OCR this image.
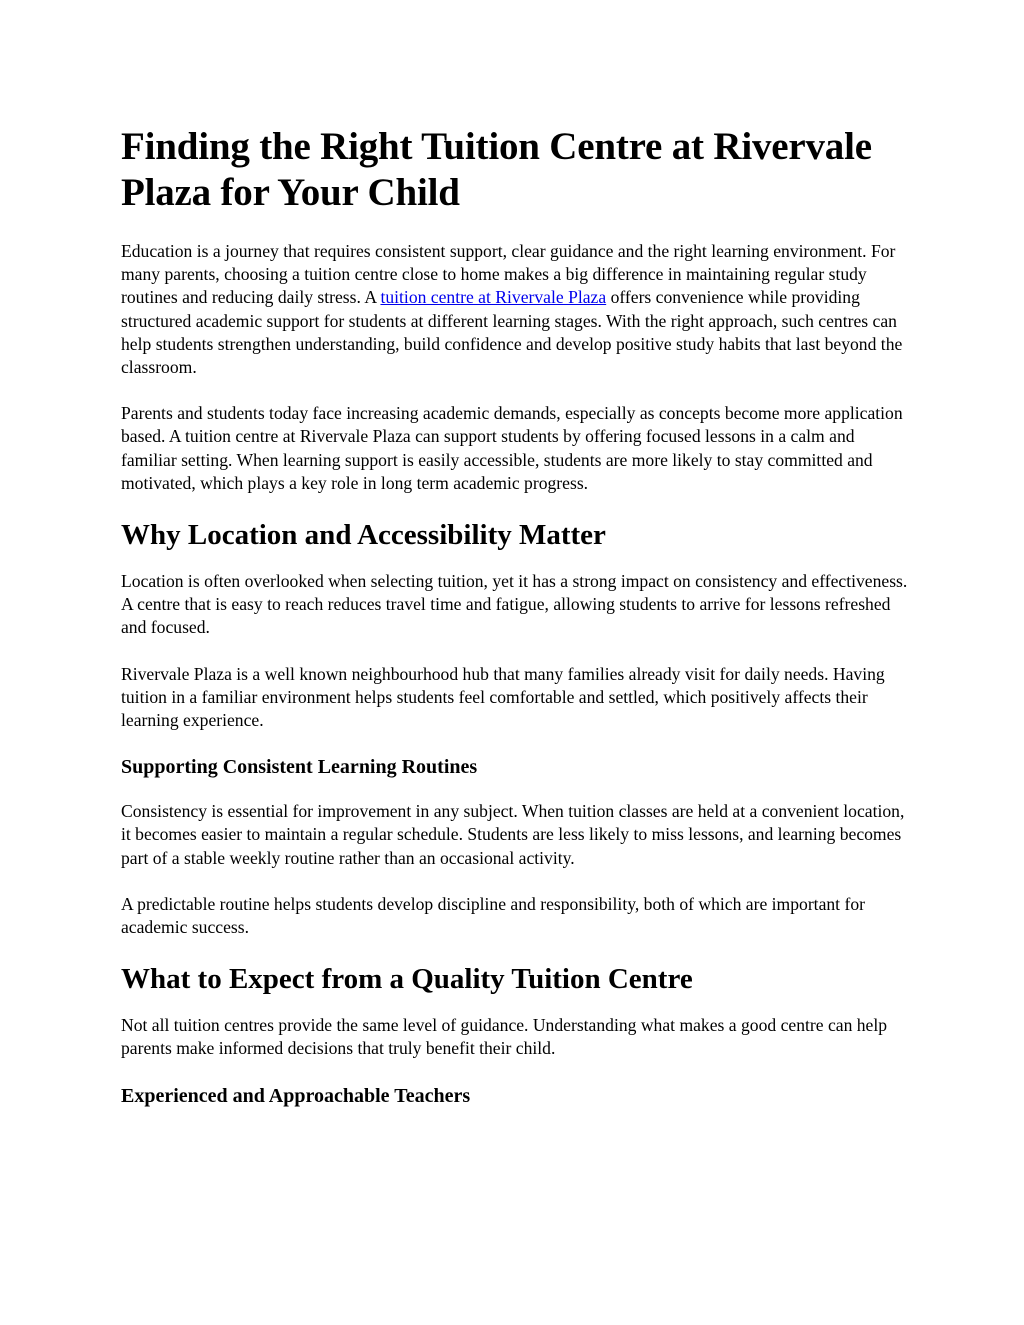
Finding the Right Tuition Centre at Rivervale Plaza for Your Child

Education is a journey that requires consistent support, clear guidance and the right learning environment. For many parents, choosing a tuition centre close to home makes a big difference in maintaining regular study routines and reducing daily stress. A tuition centre at Rivervale Plaza offers convenience while providing structured academic support for students at different learning stages. With the right approach, such centres can help students strengthen understanding, build confidence and develop positive study habits that last beyond the classroom.

Parents and students today face increasing academic demands, especially as concepts become more application based. A tuition centre at Rivervale Plaza can support students by offering focused lessons in a calm and familiar setting. When learning support is easily accessible, students are more likely to stay committed and motivated, which plays a key role in long term academic progress.

Why Location and Accessibility Matter

Location is often overlooked when selecting tuition, yet it has a strong impact on consistency and effectiveness. A centre that is easy to reach reduces travel time and fatigue, allowing students to arrive for lessons refreshed and focused.

Rivervale Plaza is a well known neighbourhood hub that many families already visit for daily needs. Having tuition in a familiar environment helps students feel comfortable and settled, which positively affects their learning experience.

Supporting Consistent Learning Routines

Consistency is essential for improvement in any subject. When tuition classes are held at a convenient location, it becomes easier to maintain a regular schedule. Students are less likely to miss lessons, and learning becomes part of a stable weekly routine rather than an occasional activity.

A predictable routine helps students develop discipline and responsibility, both of which are important for academic success.

What to Expect from a Quality Tuition Centre

Not all tuition centres provide the same level of guidance. Understanding what makes a good centre can help parents make informed decisions that truly benefit their child.

Experienced and Approachable Teachers
